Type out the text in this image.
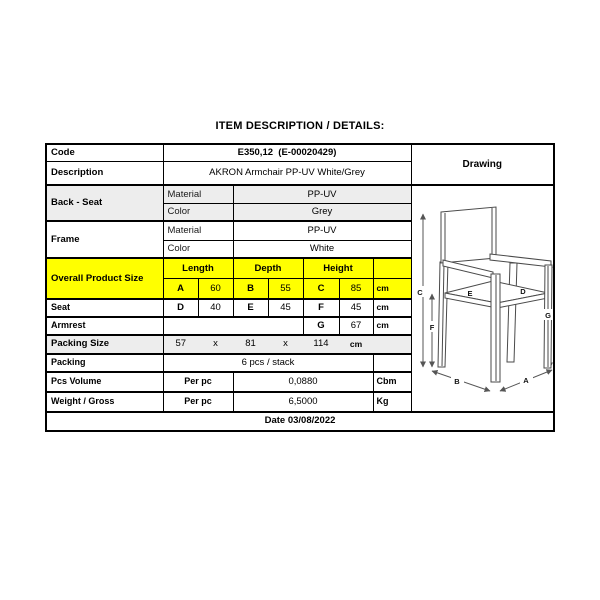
ITEM DESCRIPTION / DETAILS:
Code	E350,12  (E-00020429)							Drawing
Description	AKRON Armchair PP-UV White/Grey							
Back - Seat	Material	PP-UV	
E	D
C
F
G
B	A

	Color		Grey					
Frame	Material		PP-UV					
	Color		White					
Overall Product Size	Length		Depth		Height			
	A	60	B	55	C	85	cm	
Seat	D	40	E	45	F	45	cm	
Armrest					G	67	cm	
Packing Size	57	x	81	x	114	cm		
Packing	6 pcs / stack							
Pcs Volume	Per pc		0,0880				Cbm	
Weight / Gross	Per pc		6,5000				Kg	
Date 03/08/2022								
